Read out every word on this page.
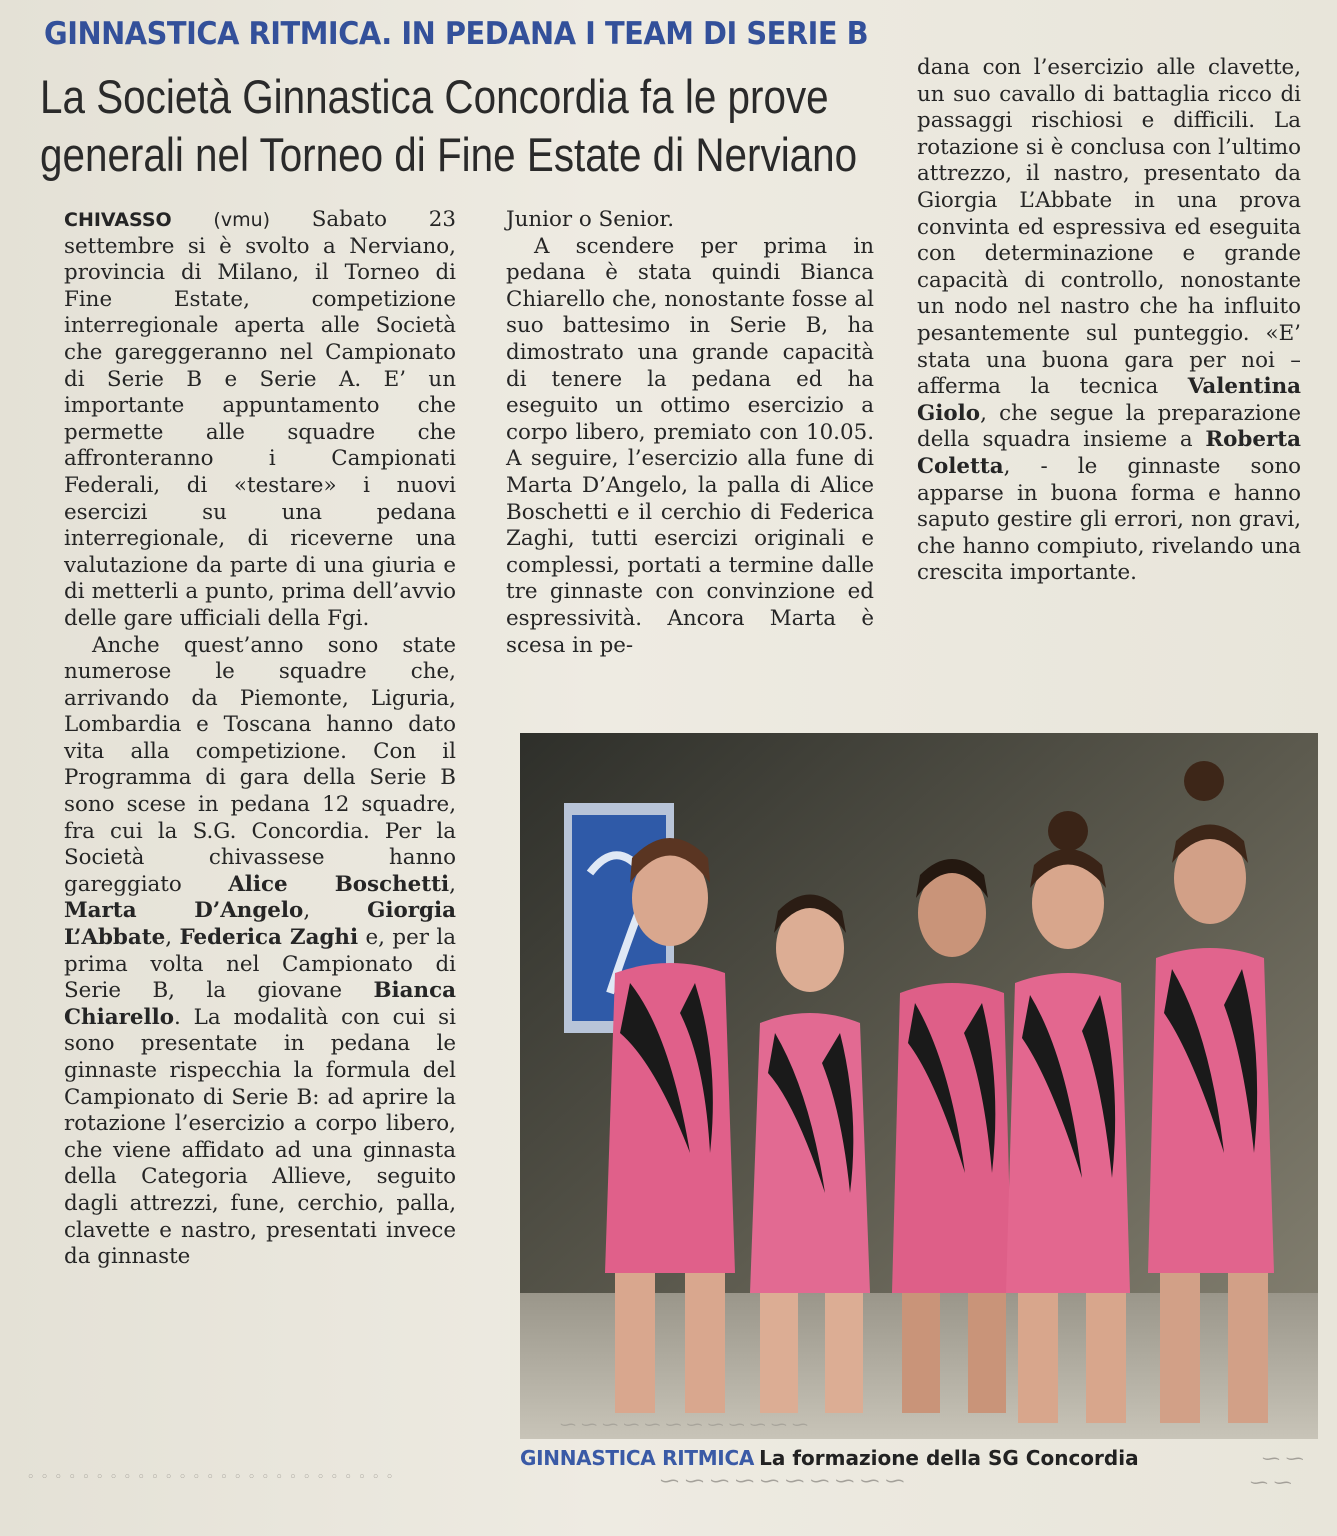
GINNASTICA RITMICA. IN PEDANA I TEAM DI SERIE B
La Società Ginnastica Concordia fa le prove
generali nel Torneo di Fine Estate di Nerviano

CHIVASSO (vmu) Sabato 23 settembre si è svolto a Nerviano, provincia di Milano, il Torneo di Fine Estate, competizione interregionale aperta alle Società che gareggeranno nel Campionato di Serie B e Serie A. E’ un importante appuntamento che permette alle squadre che affronteranno i Campionati Federali, di «testare» i nuovi esercizi su una pedana interregionale, di riceverne una valutazione da parte di una giuria e di metterli a punto, prima dell’avvio delle gare ufficiali della Fgi.

Anche quest’anno sono state numerose le squadre che, arrivando da Piemonte, Liguria, Lombardia e Toscana hanno dato vita alla competizione. Con il Programma di gara della Serie B sono scese in pedana 12 squadre, fra cui la S.G. Concordia. Per la Società chivassese hanno gareggiato Alice Boschetti, Marta D’Angelo, Giorgia L’Abbate, Federica Zaghi e, per la prima volta nel Campionato di Serie B, la giovane Bianca Chiarello. La modalità con cui si sono presentate in pedana le ginnaste rispecchia la formula del Campionato di Serie B: ad aprire la rotazione l’esercizio a corpo libero, che viene affidato ad una ginnasta della Categoria Allieve, seguito dagli attrezzi, fune, cerchio, palla, clavette e nastro, presentati invece da ginnaste

Junior o Senior.

A scendere per prima in pedana è stata quindi Bianca Chiarello che, nonostante fosse al suo battesimo in Serie B, ha dimostrato una grande capacità di tenere la pedana ed ha eseguito un ottimo esercizio a corpo libero, premiato con 10.05. A seguire, l’esercizio alla fune di Marta D’Angelo, la palla di Alice Boschetti e il cerchio di Federica Zaghi, tutti esercizi originali e complessi, portati a termine dalle tre ginnaste con convinzione ed espressività. Ancora Marta è scesa in pe-

dana con l’esercizio alle clavette, un suo cavallo di battaglia ricco di passaggi rischiosi e difficili. La rotazione si è conclusa con l’ultimo attrezzo, il nastro, presentato da Giorgia L’Abbate in una prova convinta ed espressiva ed eseguita con determinazione e grande capacità di controllo, nonostante un nodo nel nastro che ha influito pesantemente sul punteggio. «E’ stata una buona gara per noi – afferma la tecnica Valentina Giolo, che segue la preparazione della squadra insieme a Roberta Coletta, - le ginnaste sono apparse in buona forma e hanno saputo gestire gli errori, non gravi, che hanno compiuto, rivelando una crescita importante.

GINNASTICA RITMICA La formazione della SG Concordia
◦ ◦ ◦ ◦ ◦ ◦ ◦ ◦ ◦ ◦ ◦ ◦ ◦ ◦ ◦ ◦ ◦ ◦ ◦ ◦ ◦ ◦ ◦ ◦ ◦ ◦ ◦	⁓ ⁓ ⁓ ⁓ ⁓ ⁓ ⁓ ⁓ ⁓ ⁓
⁓ ⁓
⁓ ⁓
⁓ ⁓ ⁓ ⁓ ⁓ ⁓ ⁓ ⁓ ⁓ ⁓ ⁓ ⁓
